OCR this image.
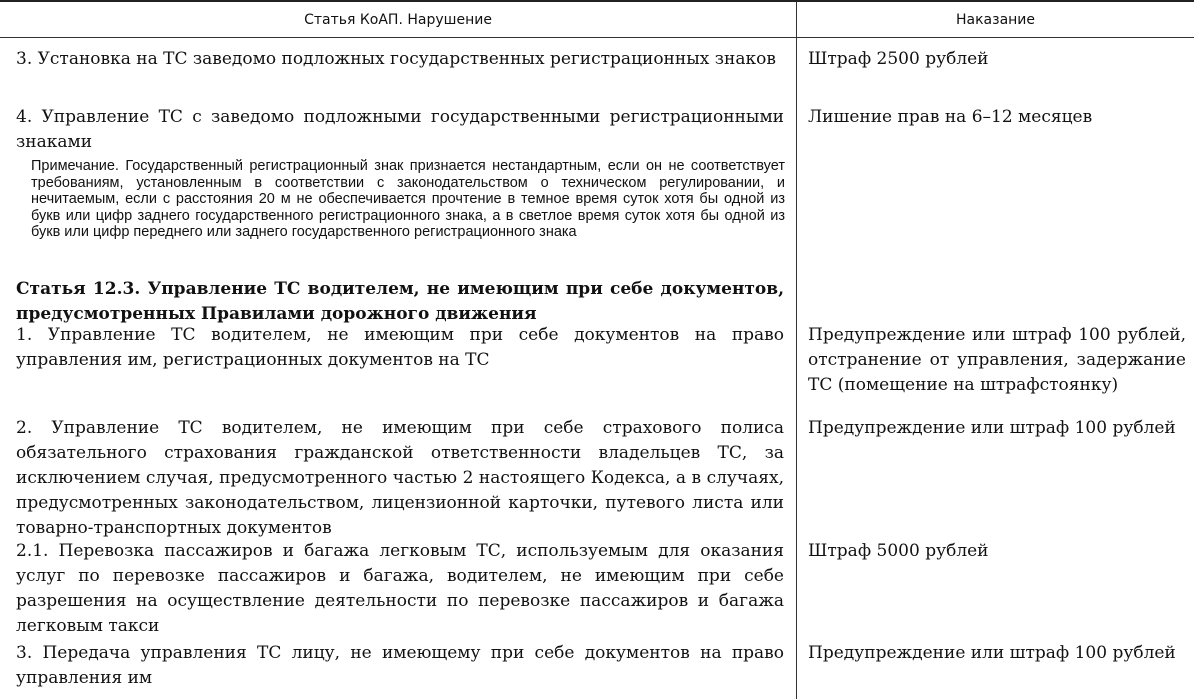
Статья КоАП. Нарушение	Наказание

3. Установка на ТС заведомо подложных государственных регистрационных знаков	Штраф 2500 рублей

4. Управление ТС с заведомо подложными государственными регистрационными знаками

Лишение прав на 6–12 месяцев

Примечание. Государственный регистрационный знак признается нестандартным, если он не соответствует требованиям, установленным в соответствии с законодательством о техническом регулировании, и нечитаемым, если с расстояния 20 м не обеспечивается прочтение в темное время суток хотя бы одной из букв или цифр заднего государственного регистрационного знака, а в светлое время суток хотя бы одной из букв или цифр переднего или заднего государственного регистрационного знака

Статья 12.3. Управление ТС водителем, не имеющим при себе документов, предусмотренных Правилами дорожного движения

1. Управление ТС водителем, не имеющим при себе документов на право управления им, регистрационных документов на ТС

Предупреждение или штраф 100 рублей, отстранение от управления, задержание ТС (помещение на штрафстоянку)

2. Управление ТС водителем, не имеющим при себе страхового полиса обязательного страхования гражданской ответственности владельцев ТС, за исключением случая, предусмотренного частью 2 настоящего Кодекса, а в случаях, предусмотренных законодательством, лицензионной карточки, путевого листа или товарно-транспортных документов

Предупреждение или штраф 100 рублей

2.1. Перевозка пассажиров и багажа легковым ТС, используемым для оказания услуг по перевозке пассажиров и багажа, водителем, не имеющим при себе разрешения на осуществление деятельности по перевозке пассажиров и багажа легковым такси

Штраф 5000 рублей

3. Передача управления ТС лицу, не имеющему при себе документов на право управления им

Предупреждение или штраф 100 рублей
